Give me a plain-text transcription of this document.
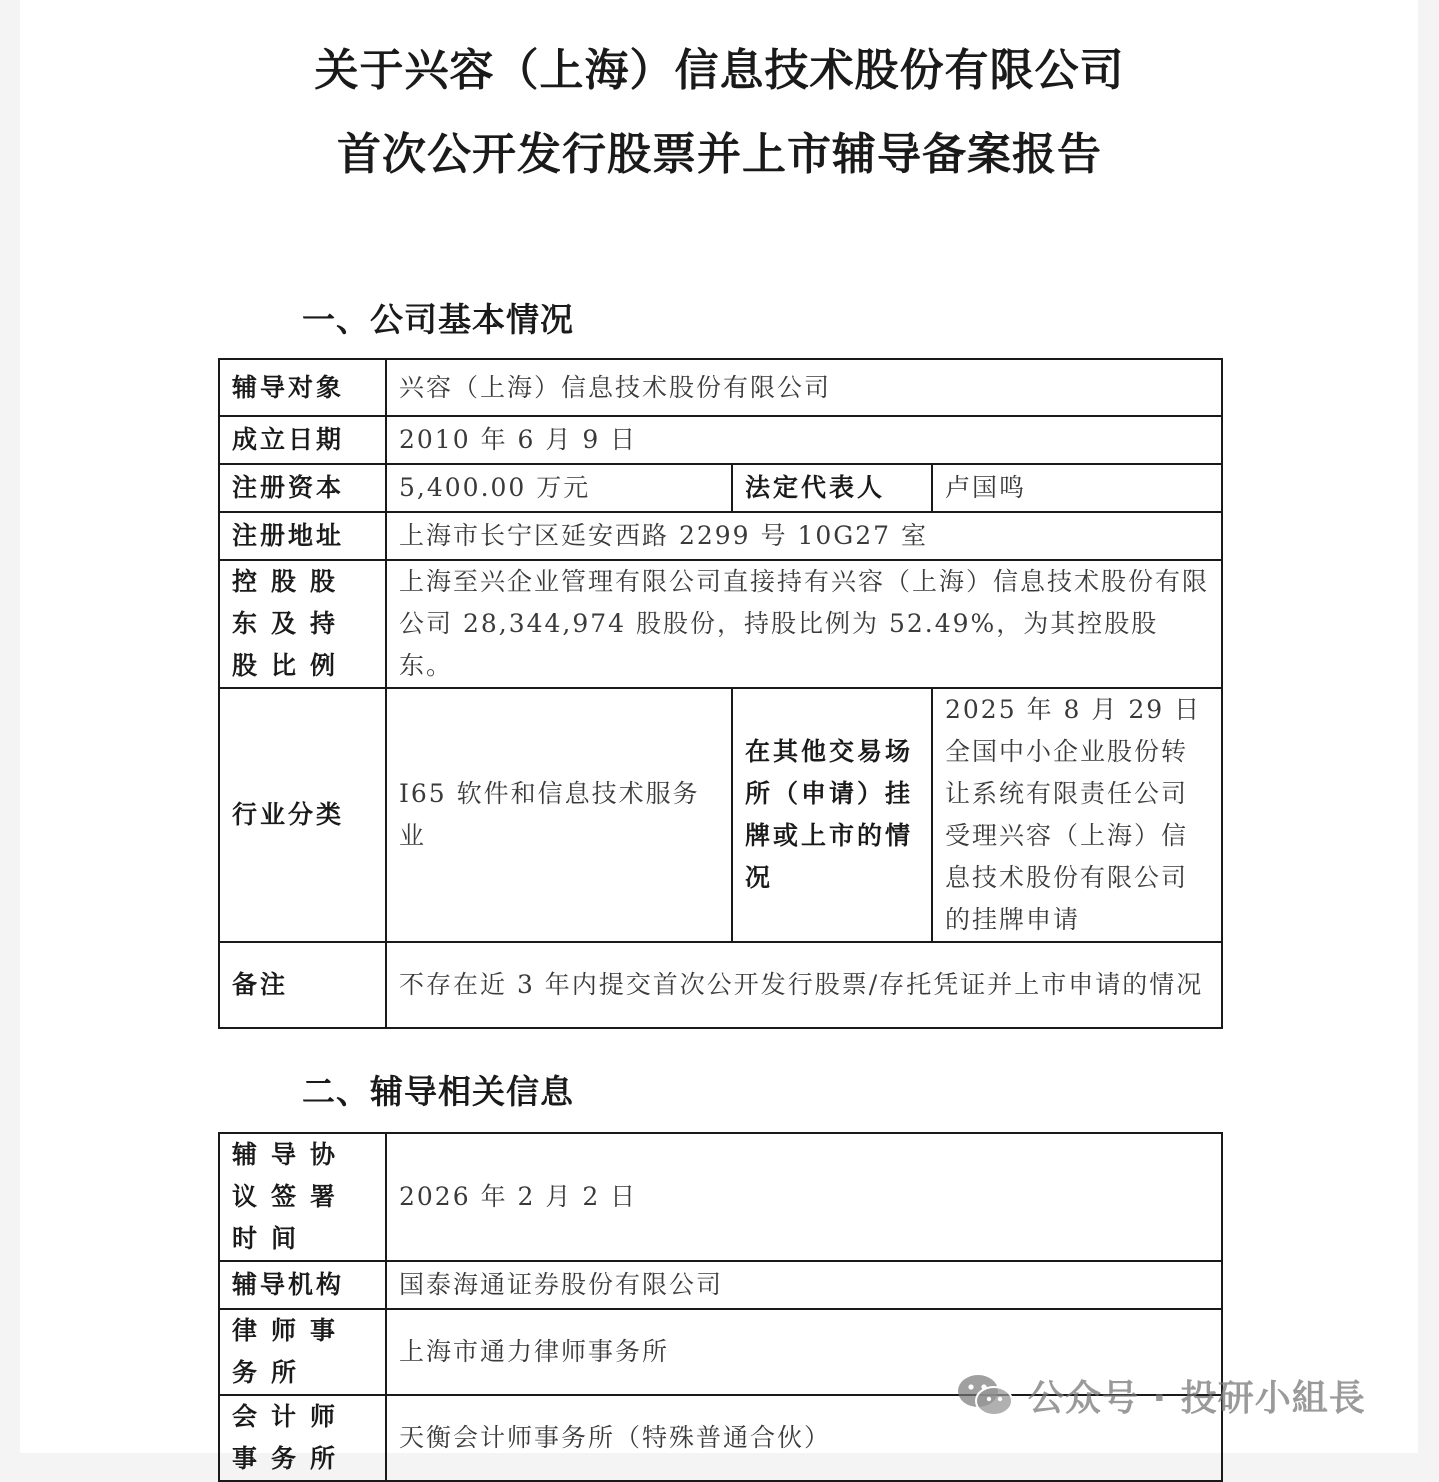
关于兴容（上海）信息技术股份有限公司
首次公开发行股票并上市辅导备案报告
一、公司基本情况
辅导对象	兴容（上海）信息技术股份有限公司		
成立日期	2010 年 6 月 9 日		
注册资本	5,400.00 万元	法定代表人	卢国鸣
注册地址	上海市长宁区延安西路 2299 号 10G27 室		
控股股东及持股比例	上海至兴企业管理有限公司直接持有兴容（上海）信息技术股份有限公司 28,344,974 股股份，持股比例为 52.49%，为其控股股东。		
行业分类	I65 软件和信息技术服务业	在其他交易场所（申请）挂牌或上市的情况	2025 年 8 月 29 日全国中小企业股份转让系统有限责任公司受理兴容（上海）信息技术股份有限公司的挂牌申请
备注	不存在近 3 年内提交首次公开发行股票/存托凭证并上市申请的情况		
二、辅导相关信息
辅导协议签署时间	2026 年 2 月 2 日
辅导机构	国泰海通证券股份有限公司
律师事务所	上海市通力律师事务所
会计师事务所	天衡会计师事务所（特殊普通合伙）
公众号 · 投研小組長
